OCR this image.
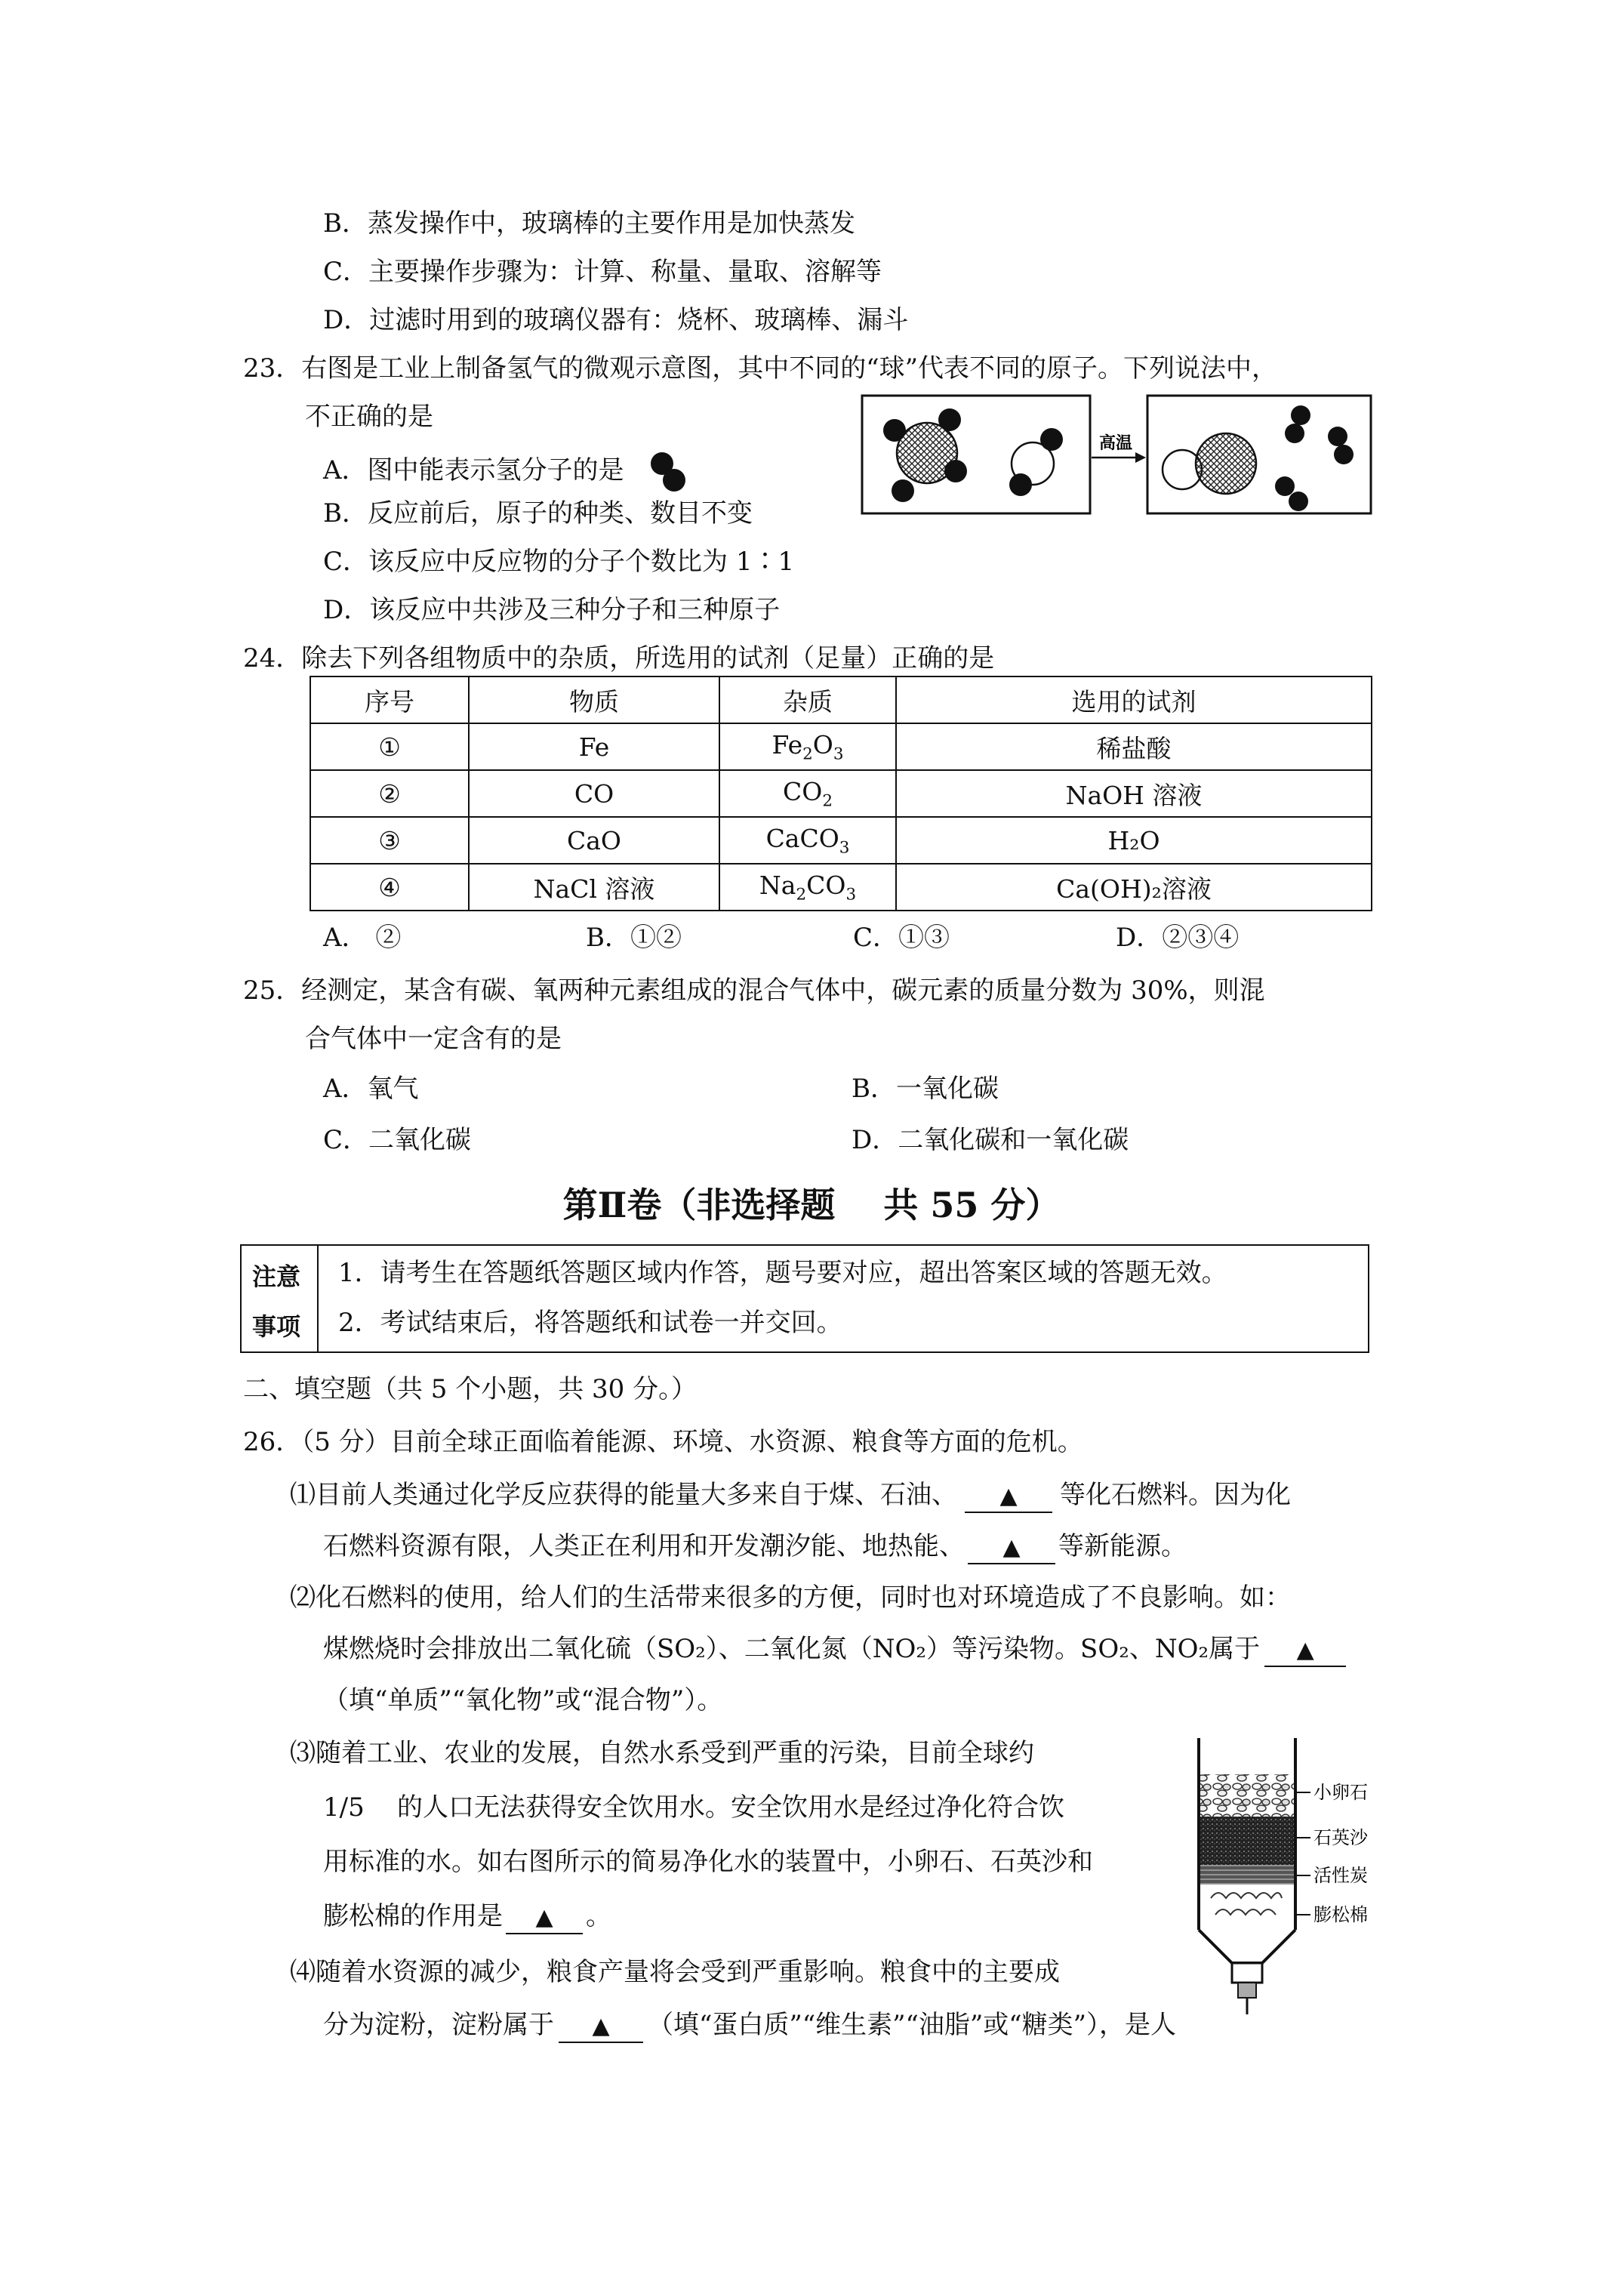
B．蒸发操作中，玻璃棒的主要作用是加快蒸发
C．主要操作步骤为：计算、称量、量取、溶解等
D．过滤时用到的玻璃仪器有：烧杯、玻璃棒、漏斗
23．右图是工业上制备氢气的微观示意图，其中不同的“球”代表不同的原子。下列说法中，
不正确的是
A．图中能表示氢分子的是
B．反应前后，原子的种类、数目不变
C．该反应中反应物的分子个数比为 1∶1
D．该反应中共涉及三种分子和三种原子
高温
24．除去下列各组物质中的杂质，所选用的试剂（足量）正确的是
序号	物质	杂质	选用的试剂
①	Fe	$Fe_2O_3$	稀盐酸
②	CO	$CO_2$	NaOH 溶液
③	CaO	CaCO$_3$	H₂O
④	NaCl 溶液	$Na_2CO_3$	Ca(OH)₂溶液
A． ②	B．①②	C．①③	D．②③④
25．经测定，某含有碳、氧两种元素组成的混合气体中，碳元素的质量分数为 30%，则混
合气体中一定含有的是
A．氧气	B．一氧化碳
C．二氧化碳	D．二氧化碳和一氧化碳
第Ⅱ卷（非选择题    共 55 分）
注意
事项
1．请考生在答题纸答题区域内作答，题号要对应，超出答案区域的答题无效。
2．考试结束后，将答题纸和试卷一并交回。
二、填空题（共 5 个小题，共 30 分。）
26．（5 分）目前全球正面临着能源、环境、水资源、粮食等方面的危机。
⑴目前人类通过化学反应获得的能量大多来自于煤、石油、 ▲ 等化石燃料。因为化
石燃料资源有限，人类正在利用和开发潮汐能、地热能、 ▲ 等新能源。
⑵化石燃料的使用，给人们的生活带来很多的方便，同时也对环境造成了不良影响。如：
煤燃烧时会排放出二氧化硫（SO₂）、二氧化氮（NO₂）等污染物。SO₂、NO₂属于 ▲
（填“单质”“氧化物”或“混合物”）。
⑶随着工业、农业的发展，自然水系受到严重的污染，目前全球约
1/5    的人口无法获得安全饮用水。安全饮用水是经过净化符合饮
用标准的水。如右图所示的简易净化水的装置中，小卵石、石英沙和
膨松棉的作用是 ▲ 。
⑷随着水资源的减少，粮食产量将会受到严重影响。粮食中的主要成
分为淀粉，淀粉属于 ▲ （填“蛋白质”“维生素”“油脂”或“糖类”），是人
小卵石
石英沙
活性炭
膨松棉
